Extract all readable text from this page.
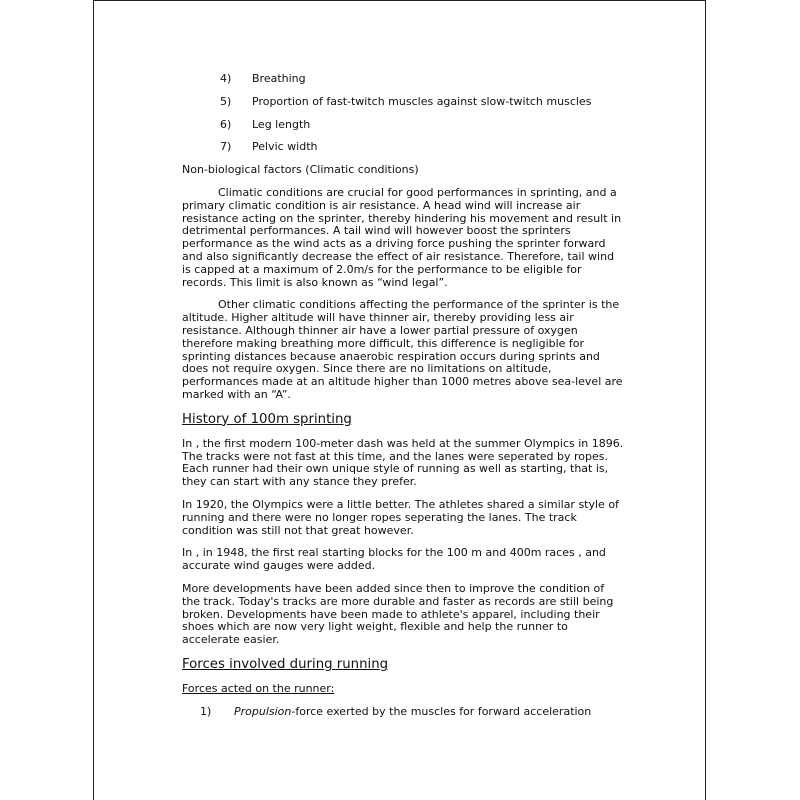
4)	Breathing
5)	Proportion of fast-twitch muscles against slow-twitch muscles
6)	Leg length
7)	Pelvic width

Non-biological factors (Climatic conditions)

Climatic conditions are crucial for good performances in sprinting, and a primary climatic condition is air resistance. A head wind will increase air resistance acting on the sprinter, thereby hindering his movement and result in detrimental performances. A tail wind will however boost the sprinters performance as the wind acts as a driving force pushing the sprinter forward and also significantly decrease the effect of air resistance. Therefore, tail wind is capped at a maximum of 2.0m/s for the performance to be eligible for records. This limit is also known as “wind legal”.

Other climatic conditions affecting the performance of the sprinter is the altitude. Higher altitude will have thinner air, thereby providing less air resistance. Although thinner air have a lower partial pressure of oxygen therefore making breathing more difficult, this difference is negligible for sprinting distances because anaerobic respiration occurs during sprints and does not require oxygen. Since there are no limitations on altitude, performances made at an altitude higher than 1000 metres above sea-level are marked with an “A”.

History of 100m sprinting

In , the first modern 100-meter dash was held at the summer Olympics in 1896. The tracks were not fast at this time, and the lanes were seperated by ropes. Each runner had their own unique style of running as well as starting, that is, they can start with any stance they prefer.

In 1920, the Olympics were a little better. The athletes shared a similar style of running and there were no longer ropes seperating the lanes. The track condition was still not that great however.

In , in 1948, the first real starting blocks for the 100 m and 400m races , and accurate wind gauges were added.

More developments have been added since then to improve the condition of the track. Today's tracks are more durable and faster as records are still being broken. Developments have been made to athlete's apparel, including their shoes which are now very light weight, flexible and help the runner to accelerate easier.

Forces involved during running
Forces acted on the runner:
1)	Propulsion-force exerted by the muscles for forward acceleration
